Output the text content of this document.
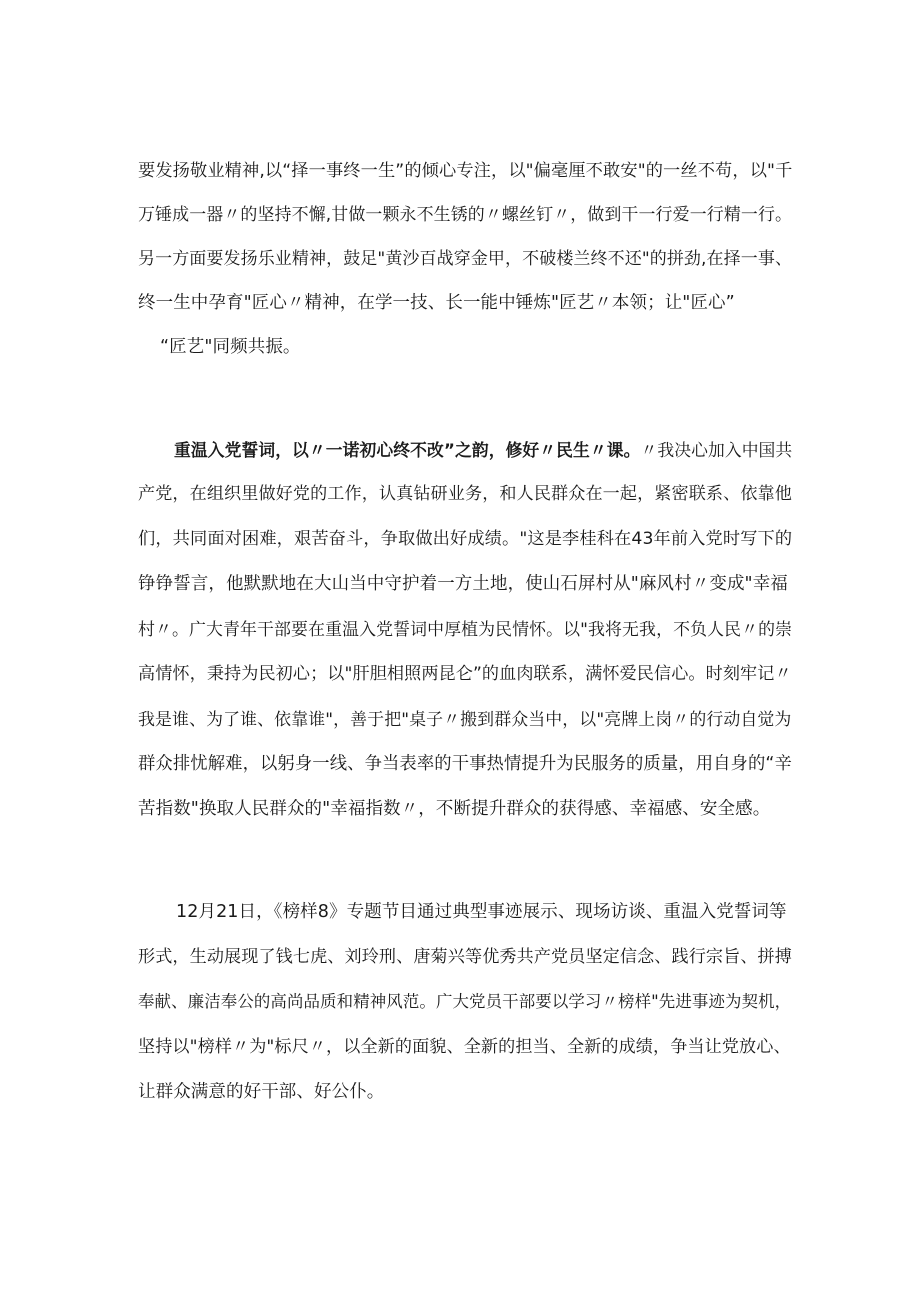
要发扬敬业精神,以“择一事终一生”的倾心专注，以"偏毫厘不敢安"的一丝不苟，以"千
万锤成一器〃的坚持不懈,甘做一颗永不生锈的〃螺丝钉〃，做到干一行爱一行精一行。
另一方面要发扬乐业精神，鼓足"黄沙百战穿金甲，不破楼兰终不还"的拼劲,在择一事、
终一生中孕育"匠心〃精神，在学一技、长一能中锤炼"匠艺〃本领；让"匠心”
“匠艺"同频共振。
重温入党誓词，以〃一诺初心终不改”之韵，修好〃民生〃课。〃我决心加入中国共
产党，在组织里做好党的工作，认真钻研业务，和人民群众在一起，紧密联系、依靠他
们，共同面对困难，艰苦奋斗，争取做出好成绩。"这是李桂科在43年前入党时写下的
铮铮誓言，他默默地在大山当中守护着一方土地，使山石屏村从"麻风村〃变成"幸福
村〃。广大青年干部要在重温入党誓词中厚植为民情怀。以"我将无我，不负人民〃的崇
高情怀，秉持为民初心；以"肝胆相照两昆仑”的血肉联系，满怀爱民信心。时刻牢记〃
我是谁、为了谁、依靠谁"，善于把"桌子〃搬到群众当中，以"亮牌上岗〃的行动自觉为
群众排忧解难，以躬身一线、争当表率的干事热情提升为民服务的质量，用自身的“辛
苦指数"换取人民群众的"幸福指数〃，不断提升群众的获得感、幸福感、安全感。
12月21日，《榜样8》专题节目通过典型事迹展示、现场访谈、重温入党誓词等
形式，生动展现了钱七虎、刘玲刑、唐菊兴等优秀共产党员坚定信念、践行宗旨、拼搏
奉献、廉洁奉公的高尚品质和精神风范。广大党员干部要以学习〃榜样"先进事迹为契机，
坚持以"榜样〃为"标尺〃，以全新的面貌、全新的担当、全新的成绩，争当让党放心、
让群众满意的好干部、好公仆。
